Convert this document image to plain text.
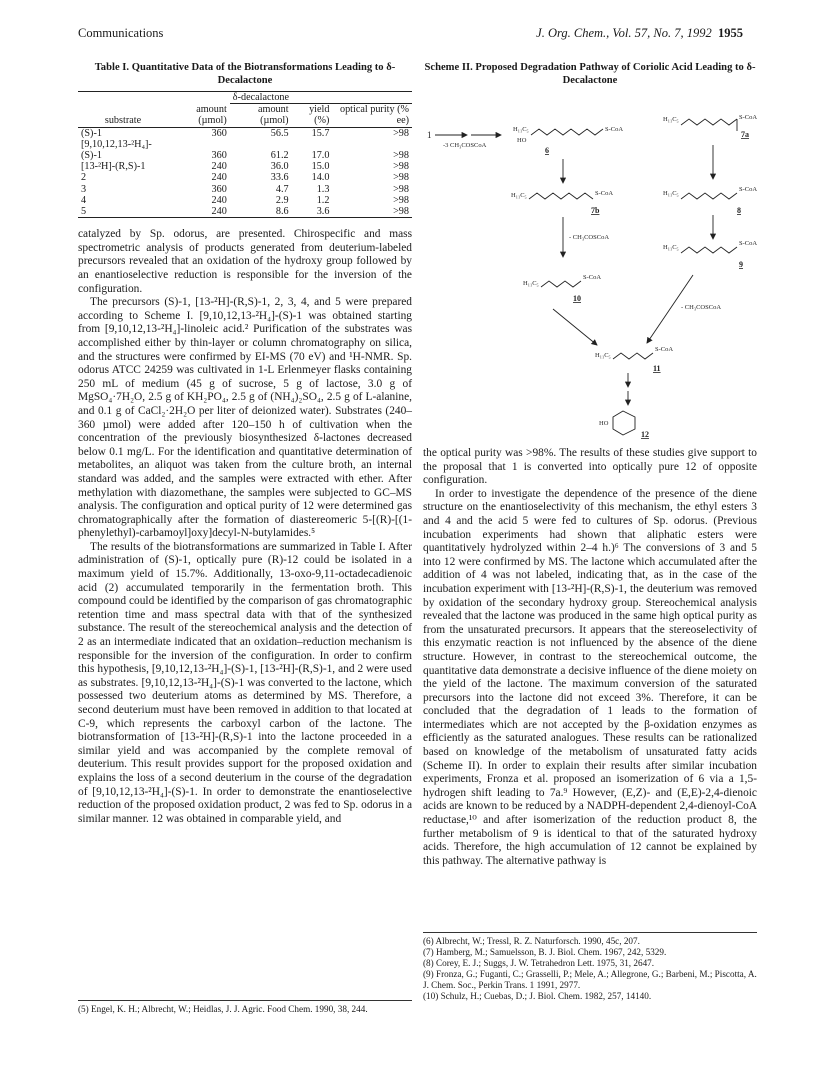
Communications	J. Org. Chem., Vol. 57, No. 7, 1992 1955
Table I. Quantitative Data of the Biotransformations Leading to δ-Decalactone
		δ-decalactone		
substrate	amount (µmol)	amount (µmol)	yield (%)	optical purity (% ee)
(S)-1	360	56.5	15.7	>98
[9,10,12,13-²H₄]-(S)-1	360	61.2	17.0	>98
[13-²H]-(R,S)-1	240	36.0	15.0	>98
2	240	33.6	14.0	>98
3	360	4.7	1.3	>98
4	240	2.9	1.2	>98
5	240	8.6	3.6	>98

catalyzed by Sp. odorus, are presented. Chirospecific and mass spectrometric analysis of products generated from deuterium-labeled precursors revealed that an oxidation of the hydroxy group followed by an enantioselective reduction is responsible for the inversion of the configuration.

The precursors (S)-1, [13-²H]-(R,S)-1, 2, 3, 4, and 5 were prepared according to Scheme I. [9,10,12,13-²H₄]-(S)-1 was obtained starting from [9,10,12,13-²H₄]-linoleic acid.² Purification of the substrates was accomplished either by thin-layer or column chromatography on silica, and the structures were confirmed by EI-MS (70 eV) and ¹H-NMR. Sp. odorus ATCC 24259 was cultivated in 1-L Erlenmeyer flasks containing 250 mL of medium (45 g of sucrose, 5 g of lactose, 3.0 g of MgSO₄·7H₂O, 2.5 g of KH₂PO₄, 2.5 g of (NH₄)₂SO₄, 2.5 g of L-alanine, and 0.1 g of CaCl₂·2H₂O per liter of deionized water). Substrates (240–360 µmol) were added after 120–150 h of cultivation when the concentration of the previously biosynthesized δ-lactones decreased below 0.1 mg/L. For the identification and quantitative determination of metabolites, an aliquot was taken from the culture broth, an internal standard was added, and the samples were extracted with ether. After methylation with diazomethane, the samples were subjected to GC–MS analysis. The configuration and optical purity of 12 were determined gas chromatographically after the formation of diastereomeric 5-[(R)-[(1-phenylethyl)-carbamoyl]oxy]decyl-N-butylamides.⁵

The results of the biotransformations are summarized in Table I. After administration of (S)-1, optically pure (R)-12 could be isolated in a maximum yield of 15.7%. Additionally, 13-oxo-9,11-octadecadienoic acid (2) accumulated temporarily in the fermentation broth. This compound could be identified by the comparison of gas chromatographic retention time and mass spectral data with that of the synthesized substance. The result of the stereochemical analysis and the detection of 2 as an intermediate indicated that an oxidation–reduction mechanism is responsible for the inversion of the configuration. In order to confirm this hypothesis, [9,10,12,13-²H₄]-(S)-1, [13-²H]-(R,S)-1, and 2 were used as substrates. [9,10,12,13-²H₄]-(S)-1 was converted to the lactone, which possessed two deuterium atoms as determined by MS. Therefore, a second deuterium must have been removed in addition to that located at C-9, which represents the carboxyl carbon of the lactone. The biotransformation of [13-²H]-(R,S)-1 into the lactone proceeded in a similar yield and was accompanied by the complete removal of deuterium. This result provides support for the proposed oxidation and explains the loss of a second deuterium in the course of the degradation of [9,10,12,13-²H₄]-(S)-1. In order to demonstrate the enantioselective reduction of the proposed oxidation product, 2 was fed to Sp. odorus in a similar manner. 12 was obtained in comparable yield, and

(5) Engel, K. H.; Albrecht, W.; Heidlas, J. J. Agric. Food Chem. 1990, 38, 244.
Scheme II. Proposed Degradation Pathway of Coriolic Acid Leading to δ-Decalactone
1
-3 CH₃COSCoA
H₁₁C₅
HO
S-CoA
H₁₁C₅	S-CoA
H₁₁C₅	S-CoA	H₁₁C₅
S-CoA
- CH₃COSCoA
H₁₁C₅
S-CoA
H₁₁C₅
S-CoA
- CH₃COSCoA
H₁₁C₅
S-CoA
HO
6
7a
7b	8
9
10
11
12

the optical purity was >98%. The results of these studies give support to the proposal that 1 is converted into optically pure 12 of opposite configuration.

In order to investigate the dependence of the presence of the diene structure on the enantioselectivity of this mechanism, the ethyl esters 3 and 4 and the acid 5 were fed to cultures of Sp. odorus. (Previous incubation experiments had shown that aliphatic esters were quantitatively hydrolyzed within 2–4 h.)⁶ The conversions of 3 and 5 into 12 were confirmed by MS. The lactone which accumulated after the addition of 4 was not labeled, indicating that, as in the case of the incubation experiment with [13-²H]-(R,S)-1, the deuterium was removed by oxidation of the secondary hydroxy group. Stereochemical analysis revealed that the lactone was produced in the same high optical purity as from the unsaturated precursors. It appears that the stereoselectivity of this enzymatic reaction is not influenced by the absence of the diene structure. However, in contrast to the stereochemical outcome, the quantitative data demonstrate a decisive influence of the diene moiety on the yield of the lactone. The maximum conversion of the saturated precursors into the lactone did not exceed 3%. Therefore, it can be concluded that the degradation of 1 leads to the formation of intermediates which are not accepted by the β-oxidation enzymes as efficiently as the saturated analogues. These results can be rationalized based on knowledge of the metabolism of unsaturated fatty acids (Scheme II). In order to explain their results after similar incubation experiments, Fronza et al. proposed an isomerization of 6 via a 1,5-hydrogen shift leading to 7a.⁹ However, (E,Z)- and (E,E)-2,4-dienoic acids are known to be reduced by a NADPH-dependent 2,4-dienoyl-CoA reductase,¹⁰ and after isomerization of the reduction product 8, the further metabolism of 9 is identical to that of the saturated hydroxy acids. Therefore, the high accumulation of 12 cannot be explained by this pathway. The alternative pathway is

(6) Albrecht, W.; Tressl, R. Z. Naturforsch. 1990, 45c, 207.
(7) Hamberg, M.; Samuelsson, B. J. Biol. Chem. 1967, 242, 5329.
(8) Corey, E. J.; Suggs, J. W. Tetrahedron Lett. 1975, 31, 2647.
(9) Fronza, G.; Fuganti, C.; Grasselli, P.; Mele, A.; Allegrone, G.; Barbeni, M.; Piscotta, A. J. Chem. Soc., Perkin Trans. 1 1991, 2977.
(10) Schulz, H.; Cuebas, D.; J. Biol. Chem. 1982, 257, 14140.
